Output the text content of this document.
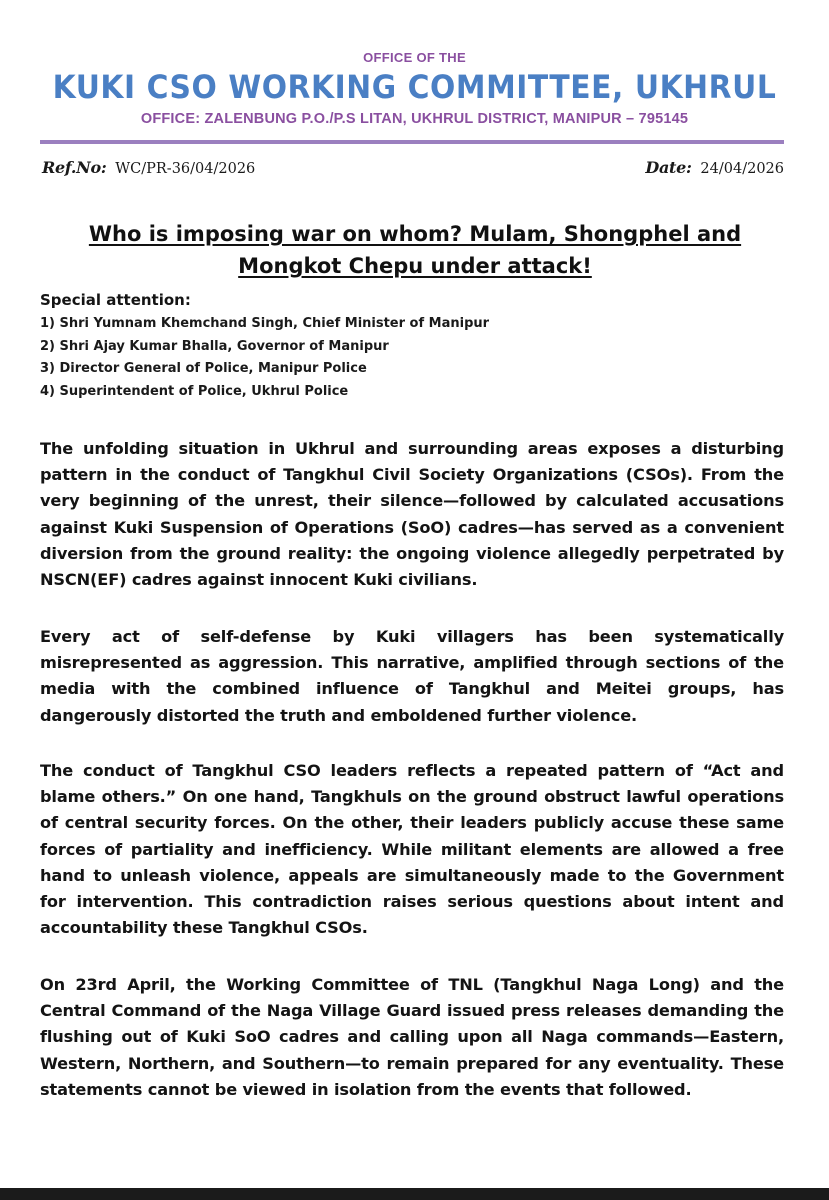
OFFICE OF THE
KUKI CSO WORKING COMMITTEE, UKHRUL
OFFICE: ZALENBUNG P.O./P.S LITAN, UKHRUL DISTRICT, MANIPUR – 795145
Ref.No: WC/PR-36/04/2026	Date: 24/04/2026
Who is imposing war on whom? Mulam, Shongphel and Mongkot Chepu under attack!
Special attention:
1) Shri Yumnam Khemchand Singh, Chief Minister of Manipur
2) Shri Ajay Kumar Bhalla, Governor of Manipur
3) Director General of Police, Manipur Police
4) Superintendent of Police, Ukhrul Police
The unfolding situation in Ukhrul and surrounding areas exposes a disturbing pattern in the conduct of Tangkhul Civil Society Organizations (CSOs). From the very beginning of the unrest, their silence—followed by calculated accusations against Kuki Suspension of Operations (SoO) cadres—has served as a convenient diversion from the ground reality: the ongoing violence allegedly perpetrated by NSCN(EF) cadres against innocent Kuki civilians.
Every act of self-defense by Kuki villagers has been systematically misrepresented as aggression. This narrative, amplified through sections of the media with the combined influence of Tangkhul and Meitei groups, has dangerously distorted the truth and emboldened further violence.
The conduct of Tangkhul CSO leaders reflects a repeated pattern of “Act and blame others.” On one hand, Tangkhuls on the ground obstruct lawful operations of central security forces. On the other, their leaders publicly accuse these same forces of partiality and inefficiency. While militant elements are allowed a free hand to unleash violence, appeals are simultaneously made to the Government for intervention. This contradiction raises serious questions about intent and accountability these Tangkhul CSOs.
On 23rd April, the Working Committee of TNL (Tangkhul Naga Long) and the Central Command of the Naga Village Guard issued press releases demanding the flushing out of Kuki SoO cadres and calling upon all Naga commands—Eastern, Western, Northern, and Southern—to remain prepared for any eventuality. These statements cannot be viewed in isolation from the events that followed.
